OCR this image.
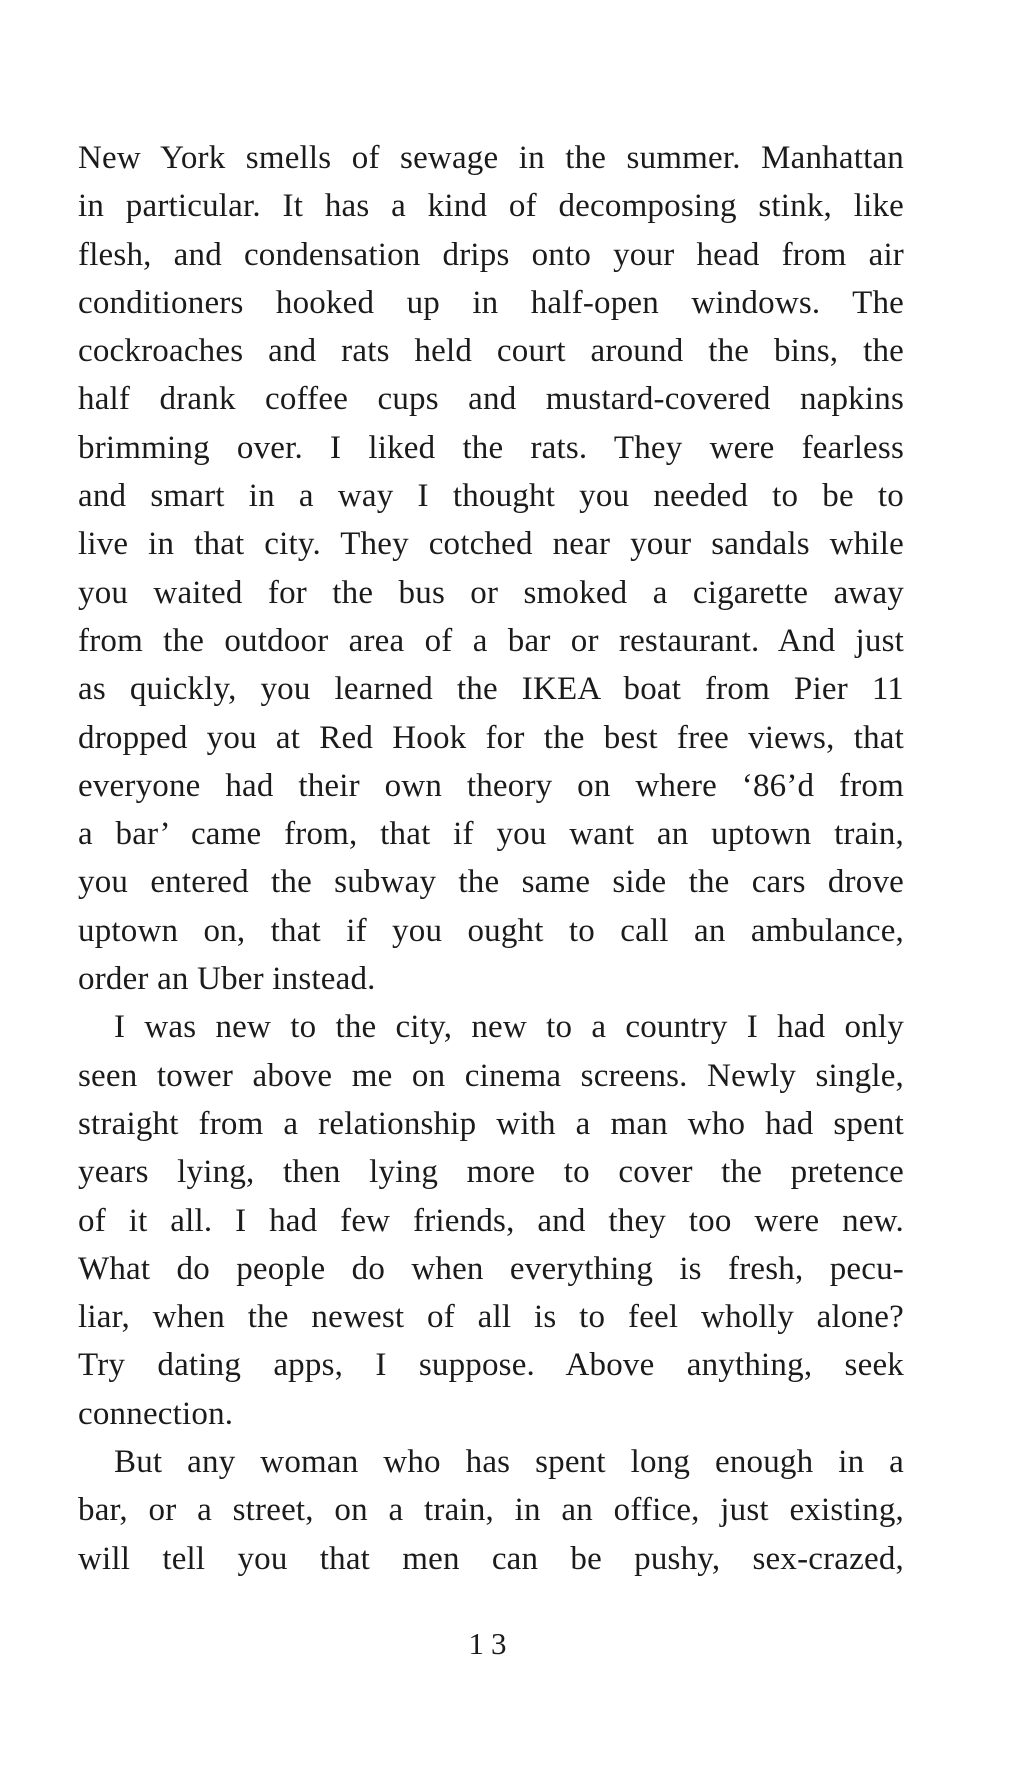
New York smells of sewage in the summer. Manhattan
in particular. It has a kind of decomposing stink, like
flesh, and condensation drips onto your head from air
conditioners hooked up in half-open windows. The
cockroaches and rats held court around the bins, the
half drank coffee cups and mustard-covered napkins
brimming over. I liked the rats. They were fearless
and smart in a way I thought you needed to be to
live in that city. They cotched near your sandals while
you waited for the bus or smoked a cigarette away
from the outdoor area of a bar or restaurant. And just
as quickly, you learned the IKEA boat from Pier 11
dropped you at Red Hook for the best free views, that
everyone had their own theory on where ‘86’d from
a bar’ came from, that if you want an uptown train,
you entered the subway the same side the cars drove
uptown on, that if you ought to call an ambulance,
order an Uber instead.
I was new to the city, new to a country I had only
seen tower above me on cinema screens. Newly single,
straight from a relationship with a man who had spent
years lying, then lying more to cover the pretence
of it all. I had few friends, and they too were new.
What do people do when everything is fresh, pecu-
liar, when the newest of all is to feel wholly alone?
Try dating apps, I suppose. Above anything, seek
connection.
But any woman who has spent long enough in a
bar, or a street, on a train, in an office, just existing,
will tell you that men can be pushy, sex-crazed,
13
